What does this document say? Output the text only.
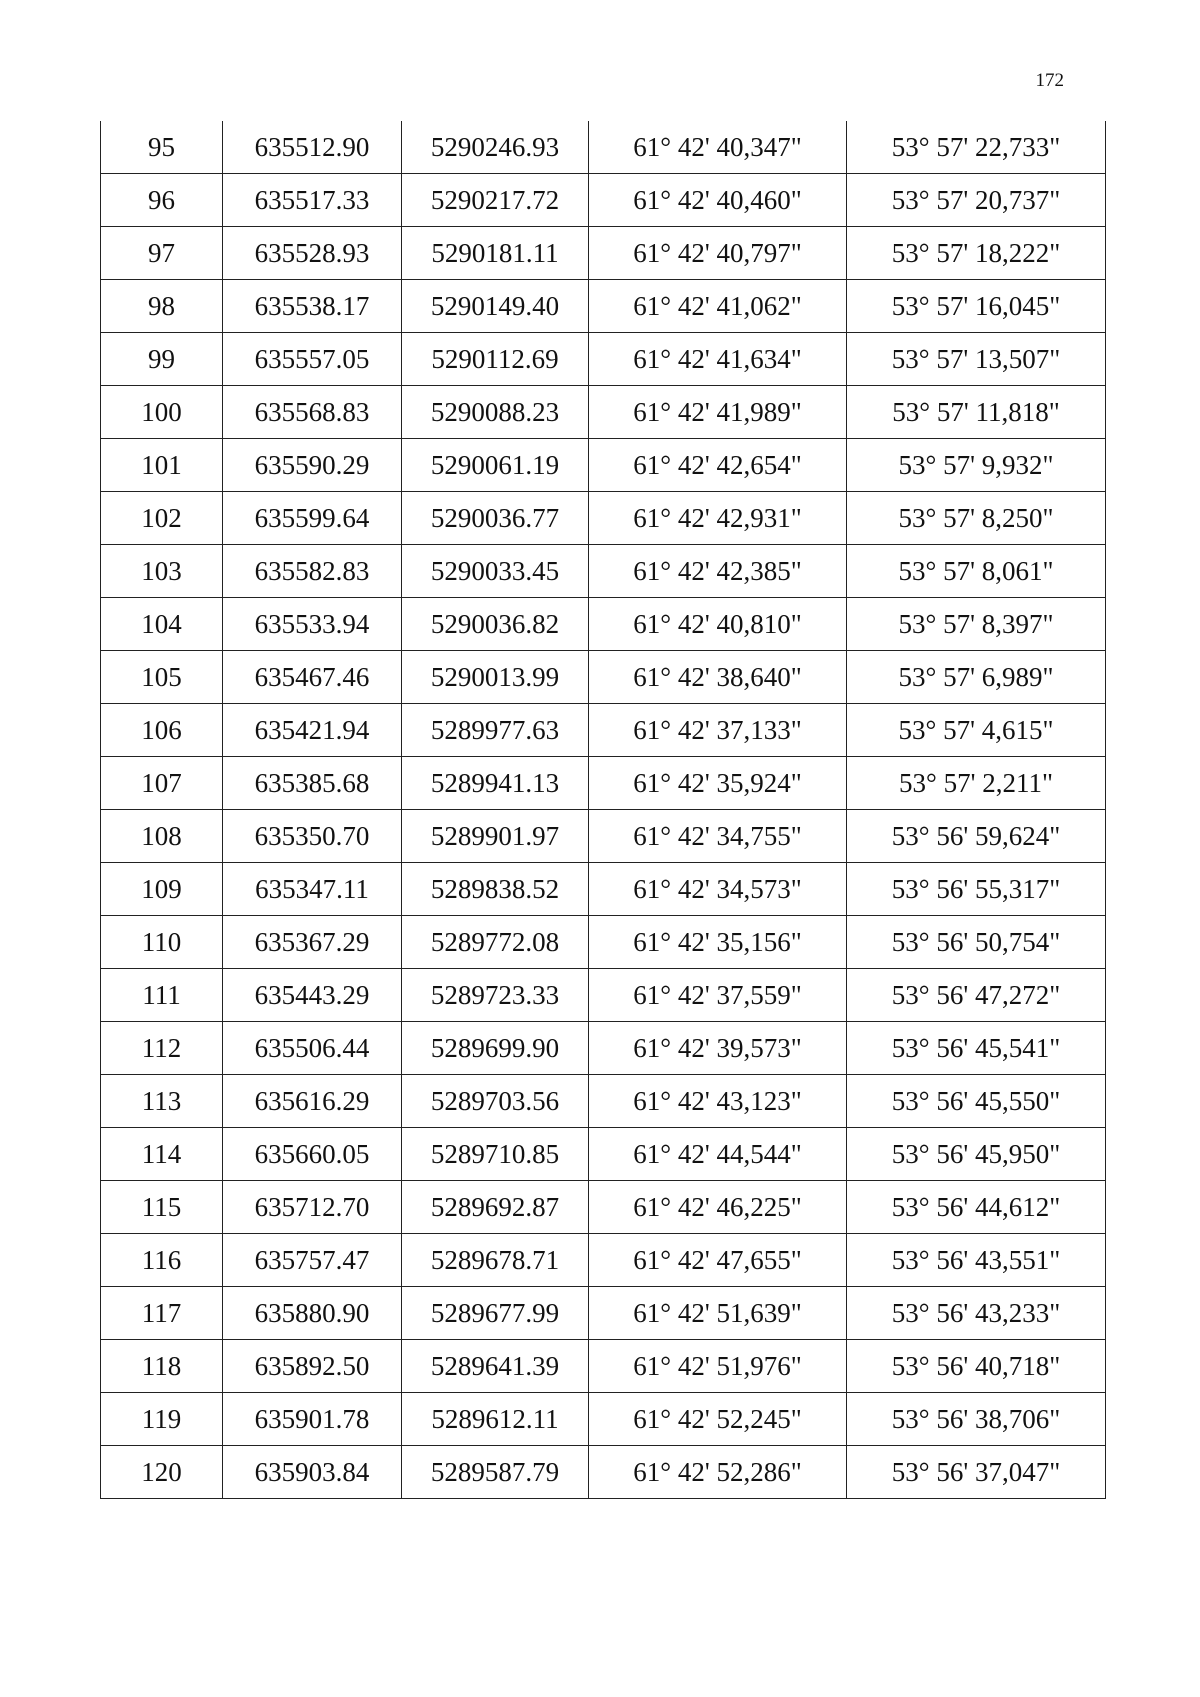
172
95	635512.90	5290246.93	61° 42' 40,347"	53° 57' 22,733"
96	635517.33	5290217.72	61° 42' 40,460"	53° 57' 20,737"
97	635528.93	5290181.11	61° 42' 40,797"	53° 57' 18,222"
98	635538.17	5290149.40	61° 42' 41,062"	53° 57' 16,045"
99	635557.05	5290112.69	61° 42' 41,634"	53° 57' 13,507"
100	635568.83	5290088.23	61° 42' 41,989"	53° 57' 11,818"
101	635590.29	5290061.19	61° 42' 42,654"	53° 57' 9,932"
102	635599.64	5290036.77	61° 42' 42,931"	53° 57' 8,250"
103	635582.83	5290033.45	61° 42' 42,385"	53° 57' 8,061"
104	635533.94	5290036.82	61° 42' 40,810"	53° 57' 8,397"
105	635467.46	5290013.99	61° 42' 38,640"	53° 57' 6,989"
106	635421.94	5289977.63	61° 42' 37,133"	53° 57' 4,615"
107	635385.68	5289941.13	61° 42' 35,924"	53° 57' 2,211"
108	635350.70	5289901.97	61° 42' 34,755"	53° 56' 59,624"
109	635347.11	5289838.52	61° 42' 34,573"	53° 56' 55,317"
110	635367.29	5289772.08	61° 42' 35,156"	53° 56' 50,754"
111	635443.29	5289723.33	61° 42' 37,559"	53° 56' 47,272"
112	635506.44	5289699.90	61° 42' 39,573"	53° 56' 45,541"
113	635616.29	5289703.56	61° 42' 43,123"	53° 56' 45,550"
114	635660.05	5289710.85	61° 42' 44,544"	53° 56' 45,950"
115	635712.70	5289692.87	61° 42' 46,225"	53° 56' 44,612"
116	635757.47	5289678.71	61° 42' 47,655"	53° 56' 43,551"
117	635880.90	5289677.99	61° 42' 51,639"	53° 56' 43,233"
118	635892.50	5289641.39	61° 42' 51,976"	53° 56' 40,718"
119	635901.78	5289612.11	61° 42' 52,245"	53° 56' 38,706"
120	635903.84	5289587.79	61° 42' 52,286"	53° 56' 37,047"
